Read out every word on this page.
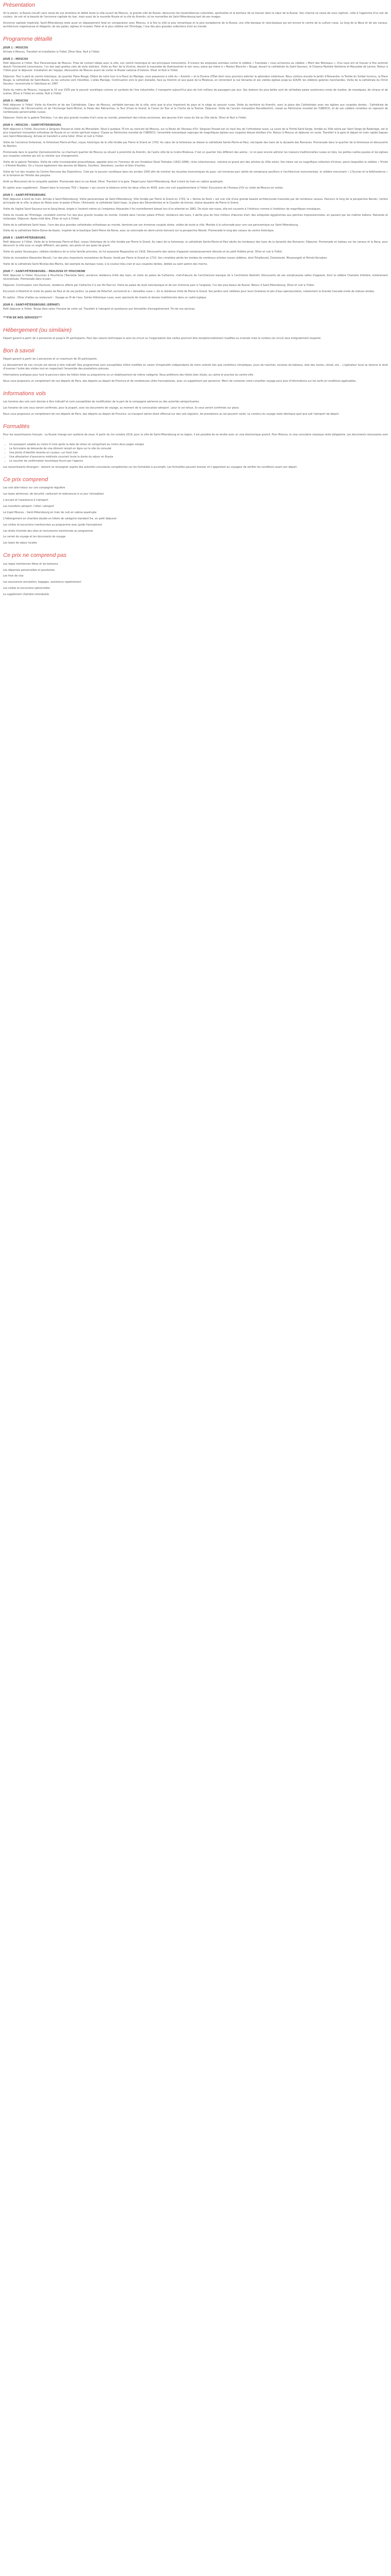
Présentation

Sit le plaisir, la Russie (recall) sans cesse de vos émotions et défait toute la ville ouvert de Moscou, la grande ville de Russie, découvrez les ressemblances culturelles, spirituelles et le bonheur de se trouver dans le cœur de la Russie. Son charme ne cesse de vous captiver, celle à l'approche d'un soir de couleur, de voir et la beauté de l'ancienne capitale du tsar, mais aussi de la nouvelle Russie et la cité du Kremlin, et les merveilles de Saint-Pétersbourg tant de ses images.

Ancienne capitale impériale, Saint-Pétersbourg reste aussi un dépassement total en comparaison avec Moscou, à la fois la ville la plus romantique et la plus européenne de la Russie, une ville baroque et néoclassique qui est encore le centre de la culture russe. Le long de la Neva et de ses canaux, architecture majestueuse et élégante, de ses palais, églises et musées. Peter et le plus célèbre est l'Ermitage, l'une des plus grandes collections d'art au monde.

Programme détaillé
JOUR 1 : MOSCOU

Arrivée à Moscou. Transfert et installation à l'hôtel. Dîner libre. Nuit à l'hôtel.

JOUR 2 : MOSCOU

Petit déjeuner à l'hôtel. Tour Panoramique de Moscou. Prise de contact idéale avec la ville, son centre historique et ses principaux monuments. À travers les ampoules animées contre le célèbre « Tverskaïa » nous arriverons au célèbre « Mont des Moineaux », d'où nous ont se trouver à fine sommet abouti l'Université Lomonossov, l'un des sept grattes ciels de style stalinien. Visite au Parc de la Victoire, devant le mausolée de Voskressinski le soir venu, place qui mène à « Maison Blanche » Rouge, devant la cathédrale du Saint-Sauveur, le Chasma Mystère Ventieme et Mausolée de Lénine. Retour à l'hôtel pour le déjeuner. Installation de l'équipe, découverte de Moscou avant de visiter le Musée national d'histoire. Dîner et Nuit à l'hôtel.

Déjeuner. Tour à pied du centre historique, du quartier Place Rouge. Début de notre tour à la Place du Manège, nous passerons à côté du « Kremlin » et la Douma d'État dont nous pourrons admirer la splendeur extérieure. Nous visitons ensuite le Jardin d'Alexandre, la Tombe du Soldat Inconnu, la Place Rouge, la cathédrale de Saint-Basile, où les voitures sont interdites. L'allée Manège. Continuation vers le parc Zariadie, face au Kremlin et aux quais de la Moskova, en remontant la rue Varvarka et ses vieilles églises jusqu'au GOUM, les célèbres galeries marchandes. Visite de la cathédrale du Christ Sauveur, reconstruite à l'identique en 1997.

Visite du métro de Moscou. Inauguré le 15 mai 1935 par le pouvoir soviétique comme un symbole de l'ère industrielle, il transporte aujourd'hui plus de huit millions de passagers par jour. Ses stations les plus belles sont de véritables palais souterrains ornés de marbre, de mosaïques, de vitraux et de lustres. Dîner à l'hôtel en soirée. Nuit à l'hôtel.

JOUR 3 : MOSCOU

Petit déjeuner à l'hôtel. Visite du Kremlin et de ses Cathédrales. Cœur de Moscou, véritable berceau de la ville, ainsi que le plus important du pays et le siège du pouvoir russe. Visite du territoire du Kremlin, avec la place des Cathédrales avec ses églises aux coupoles dorées : Cathédrale de l'Assomption, de l'Annonciation et de l'Archange Saint-Michel, le Palais des Patriarches, la Tour d'Ivan le Grand, le Canon du Tsar et la Cloche de la Tsarine. Déjeuner. Visite de l'ancien monastère Novodievitchi, classé au Patrimoine mondial de l'UNESCO, et de son célèbre cimetière où reposent de nombreuses personnalités russes.

Déjeuner. Visite de la galerie Tretiakov, l'un des plus grands musées d'art russe au monde, présentant des icônes anciennes, des œuvres d'art russe du XIe au XXe siècle. Dîner et Nuit à l'hôtel.

JOUR 4 : MOSCOU – SAINT-PÉTERSBOURG

Petit déjeuner à l'hôtel. Excursion à Serguiev Possad et visite du Monastère. Situé à quelque 70 km au nord-est de Moscou, sur la Route de l'Anneau d'Or, Serguiev Possad est un haut lieu de l'orthodoxie russe. La Laure de la Trinité-Saint-Serge, fondée au XIVe siècle par Saint Serge de Radonège, est le plus important monastère orthodoxe de Russie et un centre spirituel majeur. Classé au Patrimoine mondial de l'UNESCO, l'ensemble monastique regroupe de magnifiques églises aux coupoles bleues étoilées d'or. Retour à Moscou et déjeuner en route. Transfert à la gare et départ en train rapide Sapsan vers Saint-Pétersbourg. Arrivée et transfert à votre hôtel. Dîner et nuit à l'hôtel.

Visite de l'ancienne forteresse, la forteresse Pierre-et-Paul, noyau historique de la ville fondée par Pierre le Grand en 1703. Au cœur de la forteresse se dresse la cathédrale Saints-Pierre-et-Paul, nécropole des tsars de la dynastie des Romanov. Promenade dans le quartier de la forteresse et découverte du Bastion.

Promenade dans le quartier Zamoskvoretche. Le charmant quartier de Moscou se situant à proximité du Kremlin, de l'autre côté de la rivière Moskova. C'est un quartier très différent des autres : ici on peut encore admirer les maisons traditionnelles russes en bois, les petites ruelles pavées et les églises aux coupoles colorées qui ont su résister aux changements.

Visite de la galerie Tretiakov. Visite de cette incomparable pinacothèque, appelée ainsi en l'honneur de son fondateur Pavel Tretiakov (1832-1898), riche collectionneur, mécène et grand ami des artistes du XIXe siècle. Son trésor est sa magnifique collection d'icônes, parmi lesquelles la célèbre « Trinité » d'Andreï Roublev. On y trouve également des œuvres de Répine, Sourikov, Vasnetsov, Levitan et bien d'autres.

Visite de l'un des musées du Centre Panrusse des Expositions. Créé par le pouvoir soviétique dans les années 1930 afin de montrer les réussites économiques du pays, cet immense parc abrite de somptueux pavillons à l'architecture monumentale, le célèbre monument « L'Ouvrier et la Kolkhozienne » et la fontaine de l'Amitié des peuples.

Arrêt au Monument de la conquête spatiale. Promenade dans la rue Arbat. Dîner. Transfert à la gare. Départ pour Saint-Pétersbourg. Nuit à bord du train en cabine quadruple.

En option avec supplément : Départ dans le nouveau TGV « Sapsan » qui couvre la distance entre les deux villes en 4h00, avec une nuit supplémentaire à l'hôtel. Excursions de l'Anneau d'Or ou visite de Moscou en soirée.

JOUR 5 : SAINT-PÉTERSBOURG

Petit déjeuner à bord du train. Arrivée à Saint-Pétersbourg. Visite panoramique de Saint-Pétersbourg. Ville fondée par Pierre le Grand en 1703, la « Venise du Nord » est une cité d'une grande beauté architecturale traversée par de nombreux canaux. Parcours le long de la perspective Nevski, l'artère principale de la ville, la place du Palais avec le palais d'Hiver, l'Amirauté, la cathédrale Saint-Isaac, la place des Décembristes et le Cavalier de bronze, statue équestre de Pierre le Grand.

Visite de l'église Saint-Sauveur-sur-le-Sang-Versé, érigée à l'endroit même où l'empereur Alexandre II fut mortellement blessé lors d'un attentat en 1881. De style néo-russe, elle est couverte à l'intérieur comme à l'extérieur de magnifiques mosaïques.

Visite du musée de l'Ermitage, considéré comme l'un des plus grands musées du monde. Installé dans l'ancien palais d'Hiver, résidence des tsars, il abrite plus de trois millions d'œuvres d'art, des antiquités égyptiennes aux peintres impressionnistes, en passant par les maîtres italiens, flamands et hollandais. Déjeuner. Après-midi libre. Dîner et nuit à l'hôtel.

Visite de la cathédrale Saint-Isaac, l'une des plus grandes cathédrales orthodoxes au monde, dominée par son immense coupole dorée, visible de toute la ville. Montée à la colonnade pour une vue panoramique sur Saint-Pétersbourg.

Visite de la cathédrale Notre-Dame-de-Kazan, inspirée de la basilique Saint-Pierre de Rome, avec sa colonnade en demi-cercle donnant sur la perspective Nevski. Promenade le long des canaux du centre historique.

JOUR 6 : SAINT-PÉTERSBOURG

Petit déjeuner à l'hôtel. Visite de la forteresse Pierre-et-Paul, noyau historique de la ville fondée par Pierre le Grand. Au cœur de la forteresse, la cathédrale Saints-Pierre-et-Paul abrite les tombeaux des tsars de la dynastie des Romanov. Déjeuner. Promenade en bateau sur les canaux et la Neva, pour découvrir la ville sous un angle différent, ses palais, ses ponts et ses quais de granit.

Visite du palais Youssoupov, célèbre résidence de la riche famille princière, où fut assassiné Raspoutine en 1916. Découverte des salons d'apparat somptueusement décorés et du petit théâtre privé. Dîner et nuit à l'hôtel.

Visite du monastère Alexandre Nevski, l'un des plus importants monastères de Russie, fondé par Pierre le Grand en 1710. Son cimetière abrite les tombes de nombreux artistes russes célèbres, dont Tchaïkovski, Dostoïevski, Moussorgski et Rimski-Korsakov.

Visite de la cathédrale Saint-Nicolas-des-Marins, bel exemple du baroque russe, à la couleur bleu clair et aux coupoles dorées, dédiée au saint patron des marins.

JOUR 7 : SAINT-PÉTERSBOURG – PAVLOVSK ET POUCHKINE

Petit déjeuner à l'hôtel. Excursion à Pouchkine (Tsarskoïe Selo), ancienne résidence d'été des tsars, et visite du palais de Catherine, chef-d'œuvre de l'architecture baroque dû à l'architecte Rastrelli. Découverte de ses somptueuses salles d'apparat, dont la célèbre Chambre d'Ambre, entièrement reconstituée. Promenade dans le parc.

Déjeuner. Continuation vers Pavlovsk, résidence offerte par Catherine II à son fils Paul Ier. Visite du palais de style néoclassique et de son immense parc à l'anglaise, l'un des plus beaux de Russie. Retour à Saint-Pétersbourg. Dîner et nuit à l'hôtel.

Excursion à Peterhof et visite du palais de Paul et de ses jardins. Le palais de Peterhof, surnommé le « Versailles russe », fut la résidence d'été de Pierre le Grand. Ses jardins sont célèbres pour leurs fontaines et jets d'eau spectaculaires, notamment la Grande Cascade ornée de statues dorées.

En option : Dîner d'adieu au restaurant – Voyage au fil de l'eau. Soirée folklorique russe, avec spectacle de chants et danses traditionnels dans un cadre typique.

JOUR 8 : SAINT-PÉTERSBOURG (DÉPART)

Petit déjeuner à l'hôtel. Temps libre selon l'horaire de votre vol. Transfert à l'aéroport et assistance aux formalités d'enregistrement. Fin de nos services.

***FIN DE NOS SERVICES***
Hébergement (ou similaire)

Départ garanti à partir de 2 personnes et jusqu'à 35 participants. Pour des raisons techniques le sens du circuit ou l'organisation des visites pourront être exceptionnellement modifiés ou inversés mais le contenu du circuit sera intégralement respecté.

Bon à savoir

Départ garanti à partir de 2 personnes et un maximum de 35 participants.

Le déroulement de nos circuits est donné à titre indicatif. Nos programmes sont susceptibles d'être modifiés en raison d'impératifs indépendants de notre volonté tels que conditions climatiques, jours de marchés, horaires de bateaux, état des routes, climat, etc... L'opérateur local se réserve le droit d'inverser l'ordre des visites tout en respectant l'ensemble des prestations prévues.

Informations pratiques pour tout le parcours dans les hôtels listés au programme ou un établissement de même catégorie. Nous préférons des hôtels bien situés, au calme et proches du centre-ville.

Nous vous proposons un complément de nos départs de Paris, des départs au départ de Province et de nombreuses villes francophones, avec un supplément par personne. Merci de contacter votre conseiller voyage pour plus d'informations sur les tarifs et conditions applicables.

Informations vols

Les horaires des vols sont donnés à titre indicatif et sont susceptibles de modification de la part de la compagnie aérienne ou des autorités aéroportuaires.

Les horaires de vols vous seront confirmés, pour la plupart, avec les documents de voyage, au moment de la convocation aéroport ; pour le vol retour, ils vous seront confirmés sur place.

Nous vous proposons un complément de nos départs de Paris, des départs au départ de Province. Le transport aérien étant effectué sur des vols réguliers, les prestations au sol peuvent varier. Le contenu du voyage reste identique quel que soit l'aéroport de départ.

Formalités

Pour les ressortissants français : La Russie change son système de visas. À partir du 1er octobre 2019, pour la ville de Saint-Pétersbourg et sa région, il est possible de se rendre avec un visa électronique gratuit. Pour Moscou, le visa consulaire classique reste obligatoire. Les documents nécessaires sont :

• Un passeport valable au moins 6 mois après la date de retour et comportant au moins deux pages vierges
• Le formulaire de demande de visa dûment rempli en ligne sur le site du consulat
• Une photo d'identité récente en couleur, sur fond clair
• Une attestation d'assurance médicale couvrant toute la durée du séjour en Russie
• Le voucher de confirmation touristique fourni par l'agence

Les ressortissants étrangers : doivent se renseigner auprès des autorités consulaires compétentes sur les formalités à accomplir. Les formalités peuvent évoluer et il appartient au voyageur de vérifier les conditions avant son départ.

Ce prix comprend

Les vols aller-retour sur une compagnie régulière

Les taxes aériennes, de sécurité, carburant et redevances à ce jour (révisables)

L'accueil et l'assistance à l'aéroport

Les transferts aéroport / hôtel / aéroport

Le trajet Moscou – Saint-Pétersbourg en train de nuit en cabine quadruple

L'hébergement en chambre double en hôtels de catégorie standard 3★, en petit déjeuner

Les visites et excursions mentionnées au programme avec guide francophone

Les droits d'entrée des sites et monuments mentionnés au programme

Le carnet de voyage et les documents de voyage

Les taxes de séjour locales

Ce prix ne comprend pas

Les repas mentionnés libres et les boissons

Les dépenses personnelles et pourboires

Les frais de visa

Les assurances annulation, bagages, assistance rapatriement

Les visites et excursions optionnelles

Le supplément chambre individuelle
